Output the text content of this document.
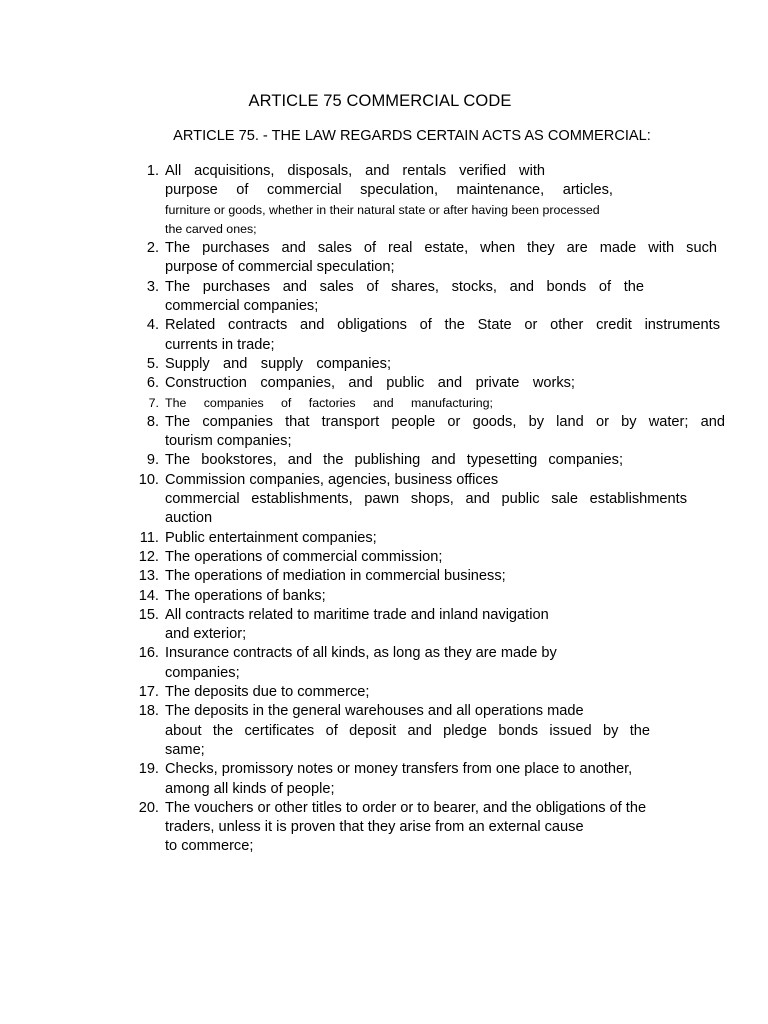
ARTICLE 75 COMMERCIAL CODE
ARTICLE 75. - THE LAW REGARDS CERTAIN ACTS AS COMMERCIAL:
1. All acquisitions, disposals, and rentals verified with
purpose of commercial speculation, maintenance, articles,
furniture or goods, whether in their natural state or after having been processed
the carved ones;
2. The purchases and sales of real estate, when they are made with such
purpose of commercial speculation;
3. The purchases and sales of shares, stocks, and bonds of the
commercial companies;
4. Related contracts and obligations of the State or other credit instruments
currents in trade;
5. Supply and supply companies;
6. Construction companies, and public and private works;
7. The companies of factories and manufacturing;
8. The companies that transport people or goods, by land or by water; and
tourism companies;
9. The bookstores, and the publishing and typesetting companies;
10. Commission companies, agencies, business offices
commercial establishments, pawn shops, and public sale establishments
auction
11. Public entertainment companies;
12. The operations of commercial commission;
13. The operations of mediation in commercial business;
14. The operations of banks;
15. All contracts related to maritime trade and inland navigation
and exterior;
16. Insurance contracts of all kinds, as long as they are made by
companies;
17. The deposits due to commerce;
18. The deposits in the general warehouses and all operations made
about the certificates of deposit and pledge bonds issued by the
same;
19. Checks, promissory notes or money transfers from one place to another,
among all kinds of people;
20. The vouchers or other titles to order or to bearer, and the obligations of the
traders, unless it is proven that they arise from an external cause
to commerce;
